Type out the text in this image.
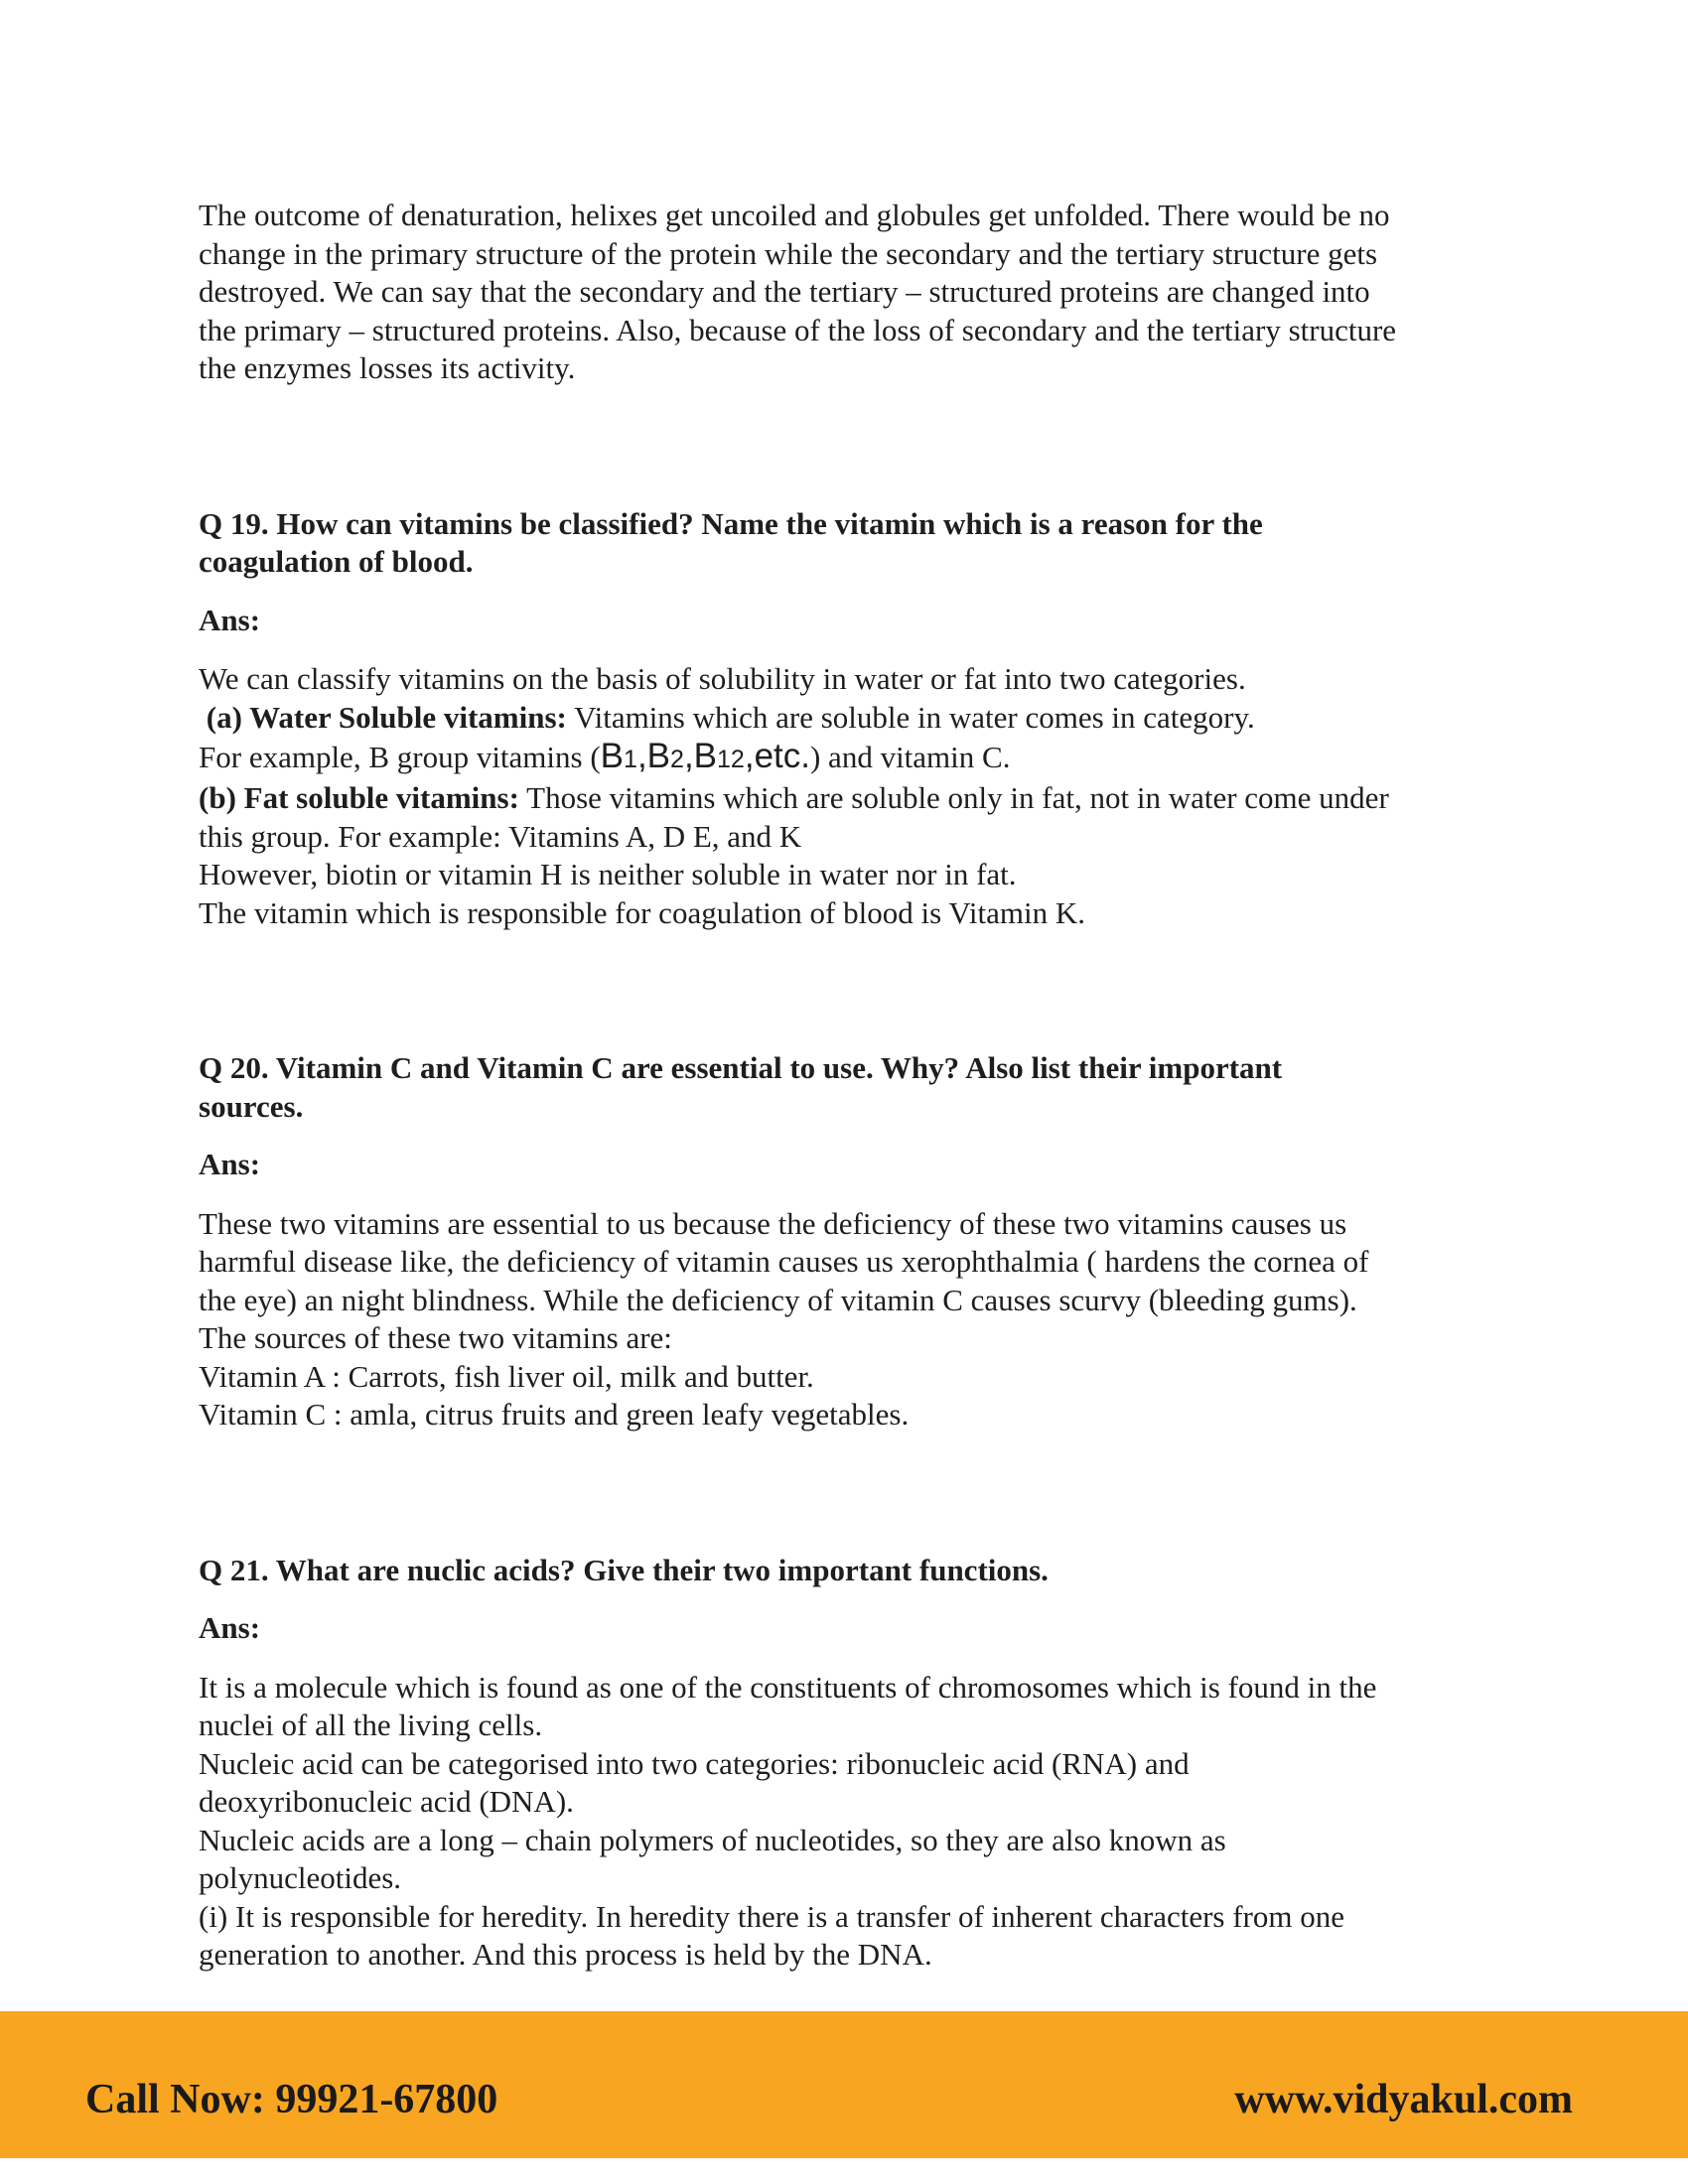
The outcome of denaturation, helixes get uncoiled and globules get unfolded. There would be no

change in the primary structure of the protein while the secondary and the tertiary structure gets

destroyed. We can say that the secondary and the tertiary – structured proteins are changed into

the primary – structured proteins. Also, because of the loss of secondary and the tertiary structure

the enzymes losses its activity.

Q 19. How can vitamins be classified? Name the vitamin which is a reason for the

coagulation of blood.

Ans:

We can classify vitamins on the basis of solubility in water or fat into two categories.

(a) Water Soluble vitamins: Vitamins which are soluble in water comes in category.

For example, B group vitamins (B1,B2,B12,etc.) and vitamin C.

(b) Fat soluble vitamins: Those vitamins which are soluble only in fat, not in water come under

this group. For example: Vitamins A, D E, and K

However, biotin or vitamin H is neither soluble in water nor in fat.

The vitamin which is responsible for coagulation of blood is Vitamin K.

Q 20. Vitamin C and Vitamin C are essential to use. Why? Also list their important

sources.

Ans:

These two vitamins are essential to us because the deficiency of these two vitamins causes us

harmful disease like, the deficiency of vitamin causes us xerophthalmia ( hardens the cornea of

the eye) an night blindness. While the deficiency of vitamin C causes scurvy (bleeding gums).

The sources of these two vitamins are:

Vitamin A : Carrots, fish liver oil, milk and butter.

Vitamin C : amla, citrus fruits and green leafy vegetables.

Q 21. What are nuclic acids? Give their two important functions.

Ans:

It is a molecule which is found as one of the constituents of chromosomes which is found in the

nuclei of all the living cells.

Nucleic acid can be categorised into two categories: ribonucleic acid (RNA) and

deoxyribonucleic acid (DNA).

Nucleic acids are a long – chain polymers of nucleotides, so they are also known as

polynucleotides.

(i) It is responsible for heredity. In heredity there is a transfer of inherent characters from one

generation to another. And this process is held by the DNA.

Call Now: 99921-67800	www.vidyakul.com
